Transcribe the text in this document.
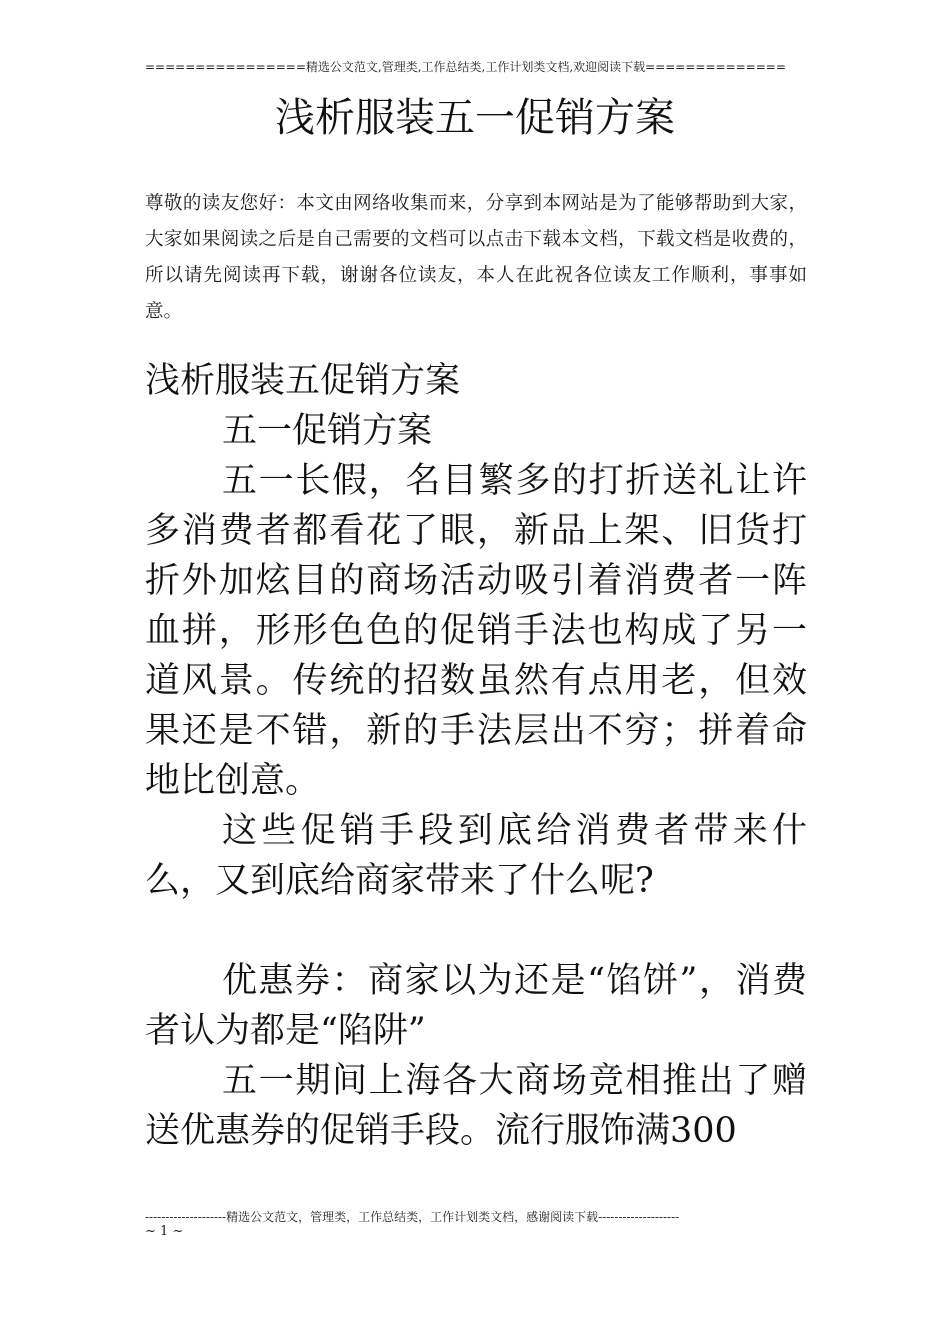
================精选公文范文,管理类,工作总结类,工作计划类文档,欢迎阅读下载==============
浅析服装五一促销方案
尊敬的读友您好：本文由网络收集而来，分享到本网站是为了能够帮助到大家，大家如果阅读之后是自己需要的文档可以点击下载本文档，下载文档是收费的，所以请先阅读再下载，谢谢各位读友，本人在此祝各位读友工作顺利，事事如意。

浅析服装五促销方案

五一促销方案

五一长假，名目繁多的打折送礼让许多消费者都看花了眼，新品上架、旧货打折外加炫目的商场活动吸引着消费者一阵血拼，形形色色的促销手法也构成了另一道风景。传统的招数虽然有点用老，但效果还是不错，新的手法层出不穷；拼着命地比创意。

这些促销手段到底给消费者带来什么，又到底给商家带来了什么呢?

优惠券：商家以为还是“馅饼”，消费者认为都是“陷阱”

五一期间上海各大商场竞相推出了赠送优惠券的促销手段。流行服饰满300

--------------------精选公文范文，管理类，工作总结类，工作计划类文档，感谢阅读下载--------------------
~ 1 ~
